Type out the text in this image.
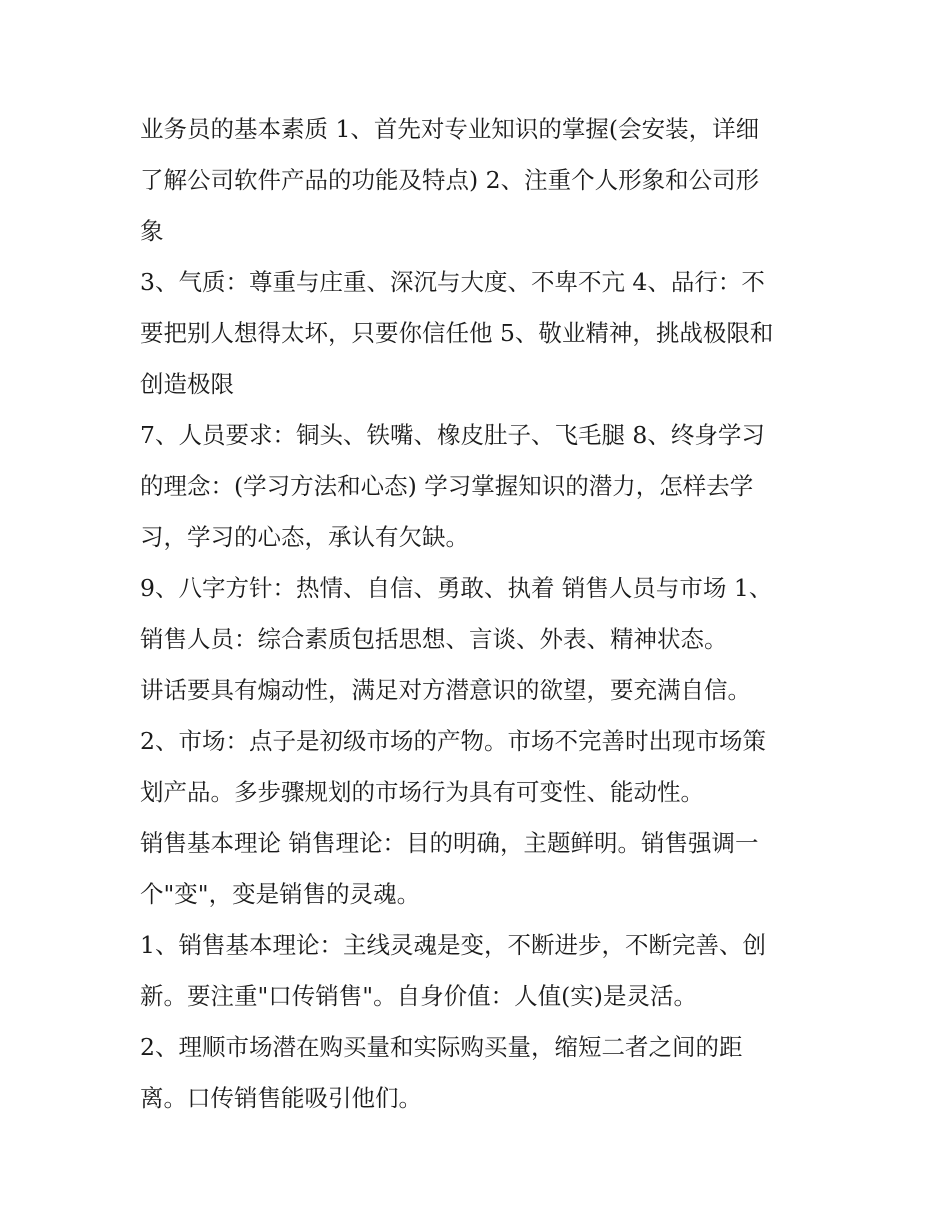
业务员的基本素质 1、首先对专业知识的掌握(会安装，详细
了解公司软件产品的功能及特点) 2、注重个人形象和公司形
象
3、气质：尊重与庄重、深沉与大度、不卑不亢 4、品行：不
要把别人想得太坏，只要你信任他 5、敬业精神，挑战极限和
创造极限
7、人员要求：铜头、铁嘴、橡皮肚子、飞毛腿 8、终身学习
的理念：(学习方法和心态) 学习掌握知识的潜力，怎样去学
习，学习的心态，承认有欠缺。
9、八字方针：热情、自信、勇敢、执着 销售人员与市场 1、
销售人员：综合素质包括思想、言谈、外表、精神状态。
讲话要具有煽动性，满足对方潜意识的欲望，要充满自信。
2、市场：点子是初级市场的产物。市场不完善时出现市场策
划产品。多步骤规划的市场行为具有可变性、能动性。
销售基本理论 销售理论：目的明确，主题鲜明。销售强调一
个"变"，变是销售的灵魂。
1、销售基本理论：主线灵魂是变，不断进步，不断完善、创
新。要注重"口传销售"。自身价值：人值(实)是灵活。
2、理顺市场潜在购买量和实际购买量，缩短二者之间的距
离。口传销售能吸引他们。
